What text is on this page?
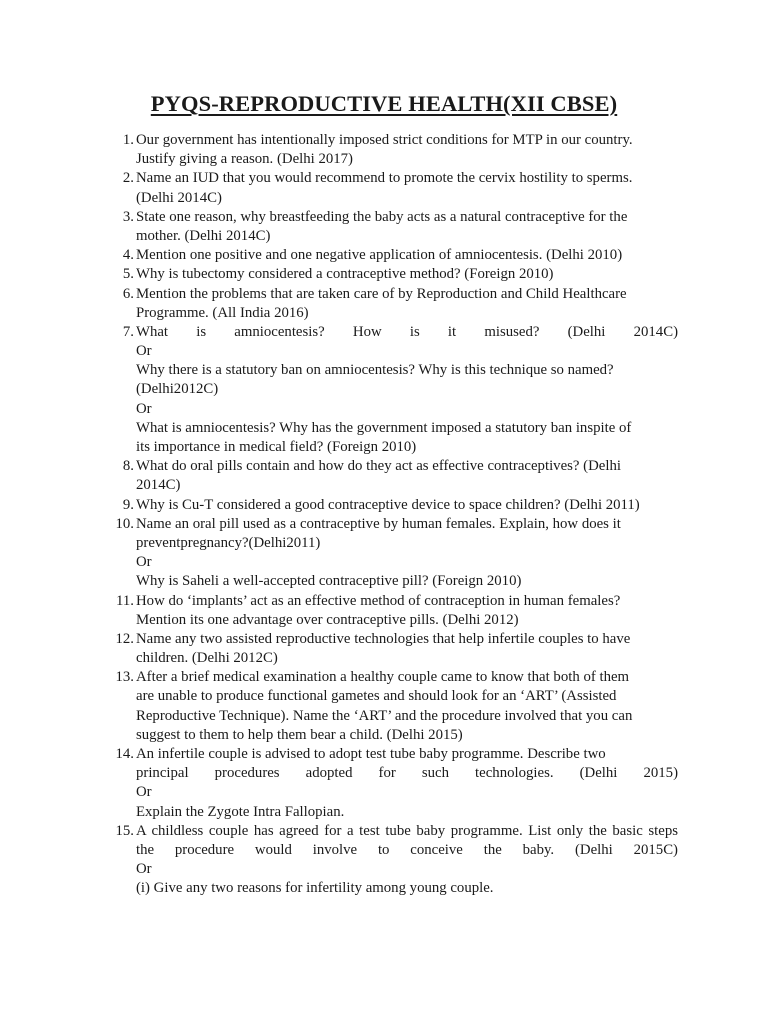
PYQS-REPRODUCTIVE HEALTH(XII CBSE)
1. Our government has intentionally imposed strict conditions for MTP in our country.
Justify giving a reason. (Delhi 2017)
2. Name an IUD that you would recommend to promote the cervix hostility to sperms.
(Delhi 2014C)
3. State one reason, why breastfeeding the baby acts as a natural contraceptive for the
mother. (Delhi 2014C)
4. Mention one positive and one negative application of amniocentesis. (Delhi 2010)
5. Why is tubectomy considered a contraceptive method? (Foreign 2010)
6. Mention the problems that are taken care of by Reproduction and Child Healthcare
Programme. (All India 2016)
7. What is amniocentesis? How is it misused? (Delhi 2014C)
Or
Why there is a statutory ban on amniocentesis? Why is this technique so named?
(Delhi2012C)
Or
What is amniocentesis? Why has the government imposed a statutory ban inspite of
its importance in medical field? (Foreign 2010)
8. What do oral pills contain and how do they act as effective contraceptives? (Delhi
2014C)
9. Why is Cu-T considered a good contraceptive device to space children? (Delhi 2011)
10. Name an oral pill used as a contraceptive by human females. Explain, how does it
preventpregnancy?(Delhi2011)
Or
Why is Saheli a well-accepted contraceptive pill? (Foreign 2010)
11. How do ‘implants’ act as an effective method of contraception in human females?
Mention its one advantage over contraceptive pills. (Delhi 2012)
12. Name any two assisted reproductive technologies that help infertile couples to have
children. (Delhi 2012C)
13. After a brief medical examination a healthy couple came to know that both of them
are unable to produce functional gametes and should look for an ‘ART’ (Assisted
Reproductive Technique). Name the ‘ART’ and the procedure involved that you can
suggest to them to help them bear a child. (Delhi 2015)
14. An infertile couple is advised to adopt test tube baby programme. Describe two
principal procedures adopted for such technologies. (Delhi 2015)
Or
Explain the Zygote Intra Fallopian.
15. A childless couple has agreed for a test tube baby programme. List only the basic steps
the procedure would involve to conceive the baby. (Delhi 2015C)
Or
(i) Give any two reasons for infertility among young couple.
